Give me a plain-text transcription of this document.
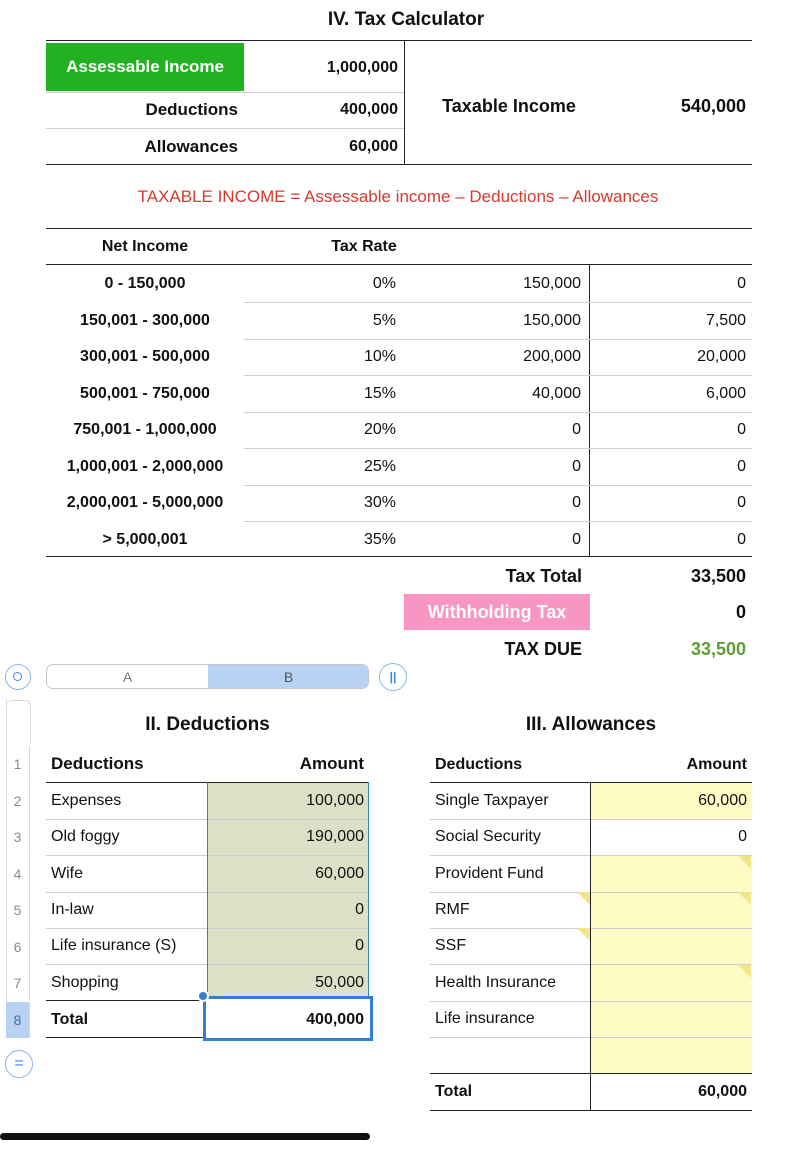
IV. Tax Calculator
Assessable Income	1,000,000
Deductions	400,000
Allowances	60,000
Taxable Income	540,000
TAXABLE INCOME = Assessable income – Deductions – Allowances
Net Income	Tax Rate
0 - 150,000	0%	150,000	0
150,001 - 300,000	5%	150,000	7,500
300,001 - 500,000	10%	200,000	20,000
500,001 - 750,000	15%	40,000	6,000
750,001 - 1,000,000	20%	0	0
1,000,001 - 2,000,000	25%	0	0
2,000,001 - 5,000,000	30%	0	0
> 5,000,001	35%	0	0
Tax Total	33,500
Withholding Tax	0
TAX DUE	33,500
A	B	||
1
2
3
4
5
6
7
8
=
II. Deductions
Deductions	Amount
Expenses	100,000
Old foggy	190,000
Wife	60,000
In-law	0
Life insurance (S)	0
Shopping	50,000
Total	400,000
III. Allowances
Deductions	Amount
Single Taxpayer	60,000
Social Security	0
Provident Fund
RMF
SSF
Health Insurance
Life insurance
Total	60,000
